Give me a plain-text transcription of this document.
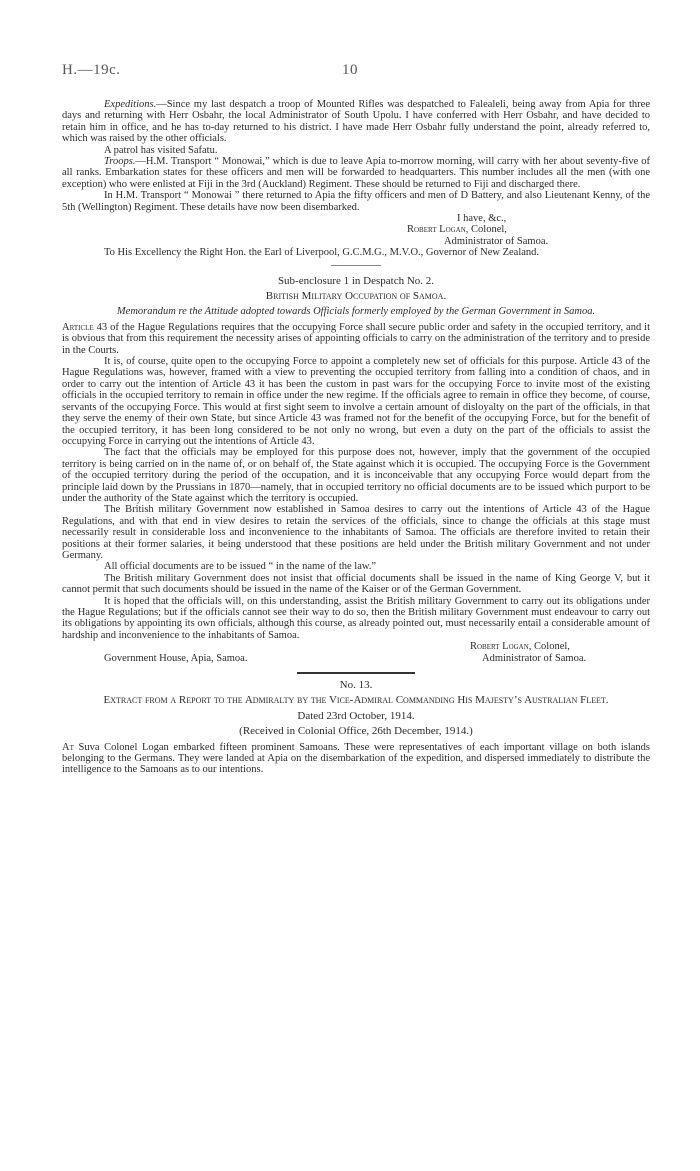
H.—19c.	10

Expeditions.—Since my last despatch a troop of Mounted Rifles was despatched to Falealeli, being away from Apia for three days and returning with Herr Osbahr, the local Administrator of South Upolu. I have conferred with Herr Osbahr, and have decided to retain him in office, and he has to-day returned to his district. I have made Herr Osbahr fully understand the point, already referred to, which was raised by the other officials.

A patrol has visited Safatu.

Troops.—H.M. Transport “ Monowai,” which is due to leave Apia to-morrow morning, will carry with her about seventy-five of all ranks. Embarkation states for these officers and men will be forwarded to headquarters. This number includes all the men (with one exception) who were enlisted at Fiji in the 3rd (Auckland) Regiment. These should be returned to Fiji and discharged there.

In H.M. Transport “ Monowai ” there returned to Apia the fifty officers and men of D Battery, and also Lieutenant Kenny, of the 5th (Wellington) Regiment. These details have now been disembarked.

I have, &c.,
Robert Logan, Colonel,
Administrator of Samoa.

To His Excellency the Right Hon. the Earl of Liverpool, G.C.M.G., M.V.O., Governor of New Zealand.

Sub-enclosure 1 in Despatch No. 2.

British Military Occupation of Samoa.

Memorandum re the Attitude adopted towards Officials formerly employed by the German Government in Samoa.

Article 43 of the Hague Regulations requires that the occupying Force shall secure public order and safety in the occupied territory, and it is obvious that from this requirement the necessity arises of appointing officials to carry on the administration of the territory and to preside in the Courts.

It is, of course, quite open to the occupying Force to appoint a completely new set of officials for this purpose. Article 43 of the Hague Regulations was, however, framed with a view to preventing the occupied territory from falling into a condition of chaos, and in order to carry out the intention of Article 43 it has been the custom in past wars for the occupying Force to invite most of the existing officials in the occupied territory to remain in office under the new regime. If the officials agree to remain in office they become, of course, servants of the occupying Force. This would at first sight seem to involve a certain amount of disloyalty on the part of the officials, in that they serve the enemy of their own State, but since Article 43 was framed not for the benefit of the occupying Force, but for the benefit of the occupied territory, it has been long considered to be not only no wrong, but even a duty on the part of the officials to assist the occupying Force in carrying out the intentions of Article 43.

The fact that the officials may be employed for this purpose does not, however, imply that the government of the occupied territory is being carried on in the name of, or on behalf of, the State against which it is occupied. The occupying Force is the Government of the occupied territory during the period of the occupation, and it is inconceivable that any occupying Force would depart from the principle laid down by the Prussians in 1870—namely, that in occupied territory no official documents are to be issued which purport to be under the authority of the State against which the territory is occupied.

The British military Government now established in Samoa desires to carry out the intentions of Article 43 of the Hague Regulations, and with that end in view desires to retain the services of the officials, since to change the officials at this stage must necessarily result in considerable loss and inconvenience to the inhabitants of Samoa. The officials are therefore invited to retain their positions at their former salaries, it being understood that these positions are held under the British military Government and not under Germany.

All official documents are to be issued “ in the name of the law.”

The British military Government does not insist that official documents shall be issued in the name of King George V, but it cannot permit that such documents should be issued in the name of the Kaiser or of the German Government.

It is hoped that the officials will, on this understanding, assist the British military Government to carry out its obligations under the Hague Regulations; but if the officials cannot see their way to do so, then the British military Government must endeavour to carry out its obligations by appointing its own officials, although this course, as already pointed out, must necessarily entail a considerable amount of hardship and inconvenience to the inhabitants of Samoa.

Robert Logan, Colonel,
Government House, Apia, Samoa.	Administrator of Samoa.

No. 13.

Extract from a Report to the Admiralty by the Vice-Admiral Commanding His Majesty’s Australian Fleet.

Dated 23rd October, 1914.

(Received in Colonial Office, 26th December, 1914.)

At Suva Colonel Logan embarked fifteen prominent Samoans. These were representatives of each important village on both islands belonging to the Germans. They were landed at Apia on the disembarkation of the expedition, and dispersed immediately to distribute the intelligence to the Samoans as to our intentions.
